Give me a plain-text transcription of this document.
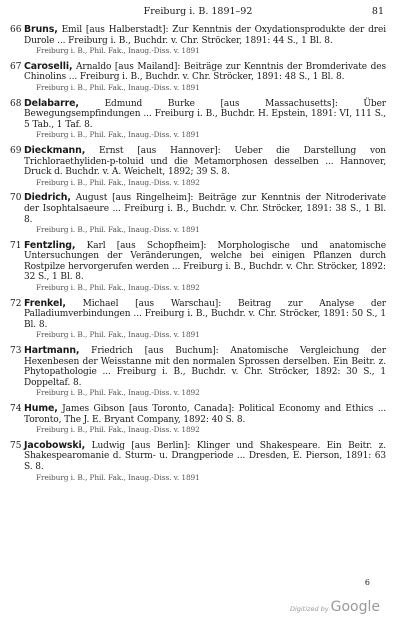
Freiburg i. B. 1891–92	81
66 Bruns, Emil [aus Halberstadt]: Zur Kenntnis der Oxydationsprodukte der drei Durole ... Freiburg i. B., Buchdr. v. Chr. Ströcker, 1891: 44 S., 1 Bl. 8.
Freiburg i. B., Phil. Fak., Inaug.-Diss. v. 1891
67 Caroselli, Arnaldo [aus Mailand]: Beiträge zur Kenntnis der Bromderivate des Chinolins ... Freiburg i. B., Buchdr. v. Chr. Ströcker, 1891: 48 S., 1 Bl. 8.
Freiburg i. B., Phil. Fak., Inaug.-Diss. v. 1891
68 Delabarre, Edmund Burke [aus Massachusetts]: Über Bewegungsempfindungen ... Freiburg i. B., Buchdr. H. Epstein, 1891: VI, 111 S., 5 Tab., 1 Taf. 8.
Freiburg i. B., Phil. Fak., Inaug.-Diss. v. 1891
69 Dieckmann, Ernst [aus Hannover]: Ueber die Darstellung von Trichloraethyliden-p-toluid und die Metamorphosen desselben ... Hannover, Druck d. Buchdr. v. A. Weichelt, 1892; 39 S. 8.
Freiburg i. B., Phil. Fak., Inaug.-Diss. v. 1892
70 Diedrich, August [aus Ringelheim]: Beiträge zur Kenntnis der Nitroderivate der Isophtalsaeure ... Freiburg i. B., Buchdr. v. Chr. Ströcker, 1891: 38 S., 1 Bl. 8.
Freiburg i. B., Phil. Fak., Inaug.-Diss. v. 1891
71 Fentzling, Karl [aus Schopfheim]: Morphologische und anatomische Untersuchungen der Veränderungen, welche bei einigen Pflanzen durch Rostpilze hervorgerufen werden ... Freiburg i. B., Buchdr. v. Chr. Ströcker, 1892: 32 S., 1 Bl. 8.
Freiburg i. B., Phil. Fak., Inaug.-Diss. v. 1892
72 Frenkel, Michael [aus Warschau]: Beitrag zur Analyse der Palladiumverbindungen ... Freiburg i. B., Buchdr. v. Chr. Ströcker, 1891: 50 S., 1 Bl. 8.
Freiburg i. B., Phil. Fak., Inaug.-Diss. v. 1891
73 Hartmann, Friedrich [aus Buchum]: Anatomische Vergleichung der Hexenbesen der Weisstanne mit den normalen Sprossen derselben. Ein Beitr. z. Phytopathologie ... Freiburg i. B., Buchdr. v. Chr. Ströcker, 1892: 30 S., 1 Doppeltaf. 8.
Freiburg i. B., Phil. Fak., Inaug.-Diss. v. 1892
74 Hume, James Gibson [aus Toronto, Canada]: Political Economy and Ethics ... Toronto, The J. E. Bryant Company, 1892: 40 S. 8.
Freiburg i. B., Phil. Fak., Inaug.-Diss. v. 1892
75 Jacobowski, Ludwig [aus Berlin]: Klinger und Shakespeare. Ein Beitr. z. Shakespearomanie d. Sturm- u. Drangperiode ... Dresden, E. Pierson, 1891: 63 S. 8.
Freiburg i. B., Phil. Fak., Inaug.-Diss. v. 1891
6
Digitized by Google
